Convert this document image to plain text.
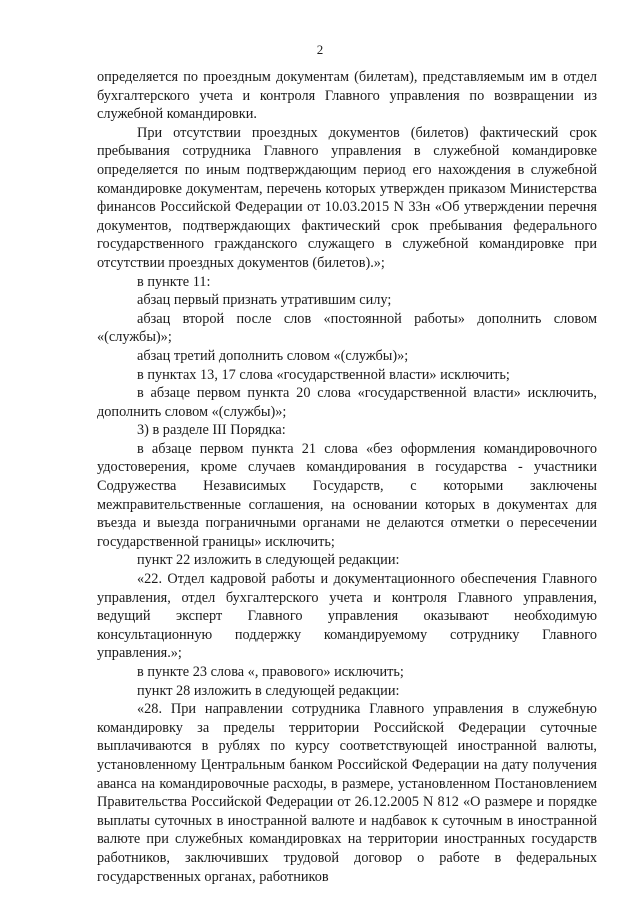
2

определяется по проездным документам (билетам), представляемым им в отдел бухгалтерского учета и контроля Главного управления по возвращении из служебной командировки.

При отсутствии проездных документов (билетов) фактический срок пребывания сотрудника Главного управления в служебной командировке определяется по иным подтверждающим период его нахождения в служебной командировке документам, перечень которых утвержден приказом Министерства финансов Российской Федерации от 10.03.2015 N 33н «Об утверждении перечня документов, подтверждающих фактический срок пребывания федерального государственного гражданского служащего в служебной командировке при отсутствии проездных документов (билетов).»;

в пункте 11:

абзац первый признать утратившим силу;

абзац второй после слов «постоянной работы» дополнить словом «(службы)»;

абзац третий дополнить словом «(службы)»;

в пунктах 13, 17 слова «государственной власти» исключить;

в абзаце первом пункта 20 слова «государственной власти» исключить, дополнить словом «(службы)»;

3) в разделе III Порядка:

в абзаце первом пункта 21 слова «без оформления командировочного удостоверения, кроме случаев командирования в государства - участники Содружества Независимых Государств, с которыми заключены межправительственные соглашения, на основании которых в документах для въезда и выезда пограничными органами не делаются отметки о пересечении государственной границы» исключить;

пункт 22 изложить в следующей редакции:

«22. Отдел кадровой работы и документационного обеспечения Главного управления, отдел бухгалтерского учета и контроля Главного управления, ведущий эксперт Главного управления оказывают необходимую консультационную поддержку командируемому сотруднику Главного управления.»;

в пункте 23 слова «, правового» исключить;

пункт 28 изложить в следующей редакции:

«28. При направлении сотрудника Главного управления в служебную командировку за пределы территории Российской Федерации суточные выплачиваются в рублях по курсу соответствующей иностранной валюты, установленному Центральным банком Российской Федерации на дату получения аванса на командировочные расходы, в размере, установленном Постановлением Правительства Российской Федерации от 26.12.2005 N 812 «О размере и порядке выплаты суточных в иностранной валюте и надбавок к суточным в иностранной валюте при служебных командировках на территории иностранных государств работников, заключивших трудовой договор о работе в федеральных государственных органах, работников
